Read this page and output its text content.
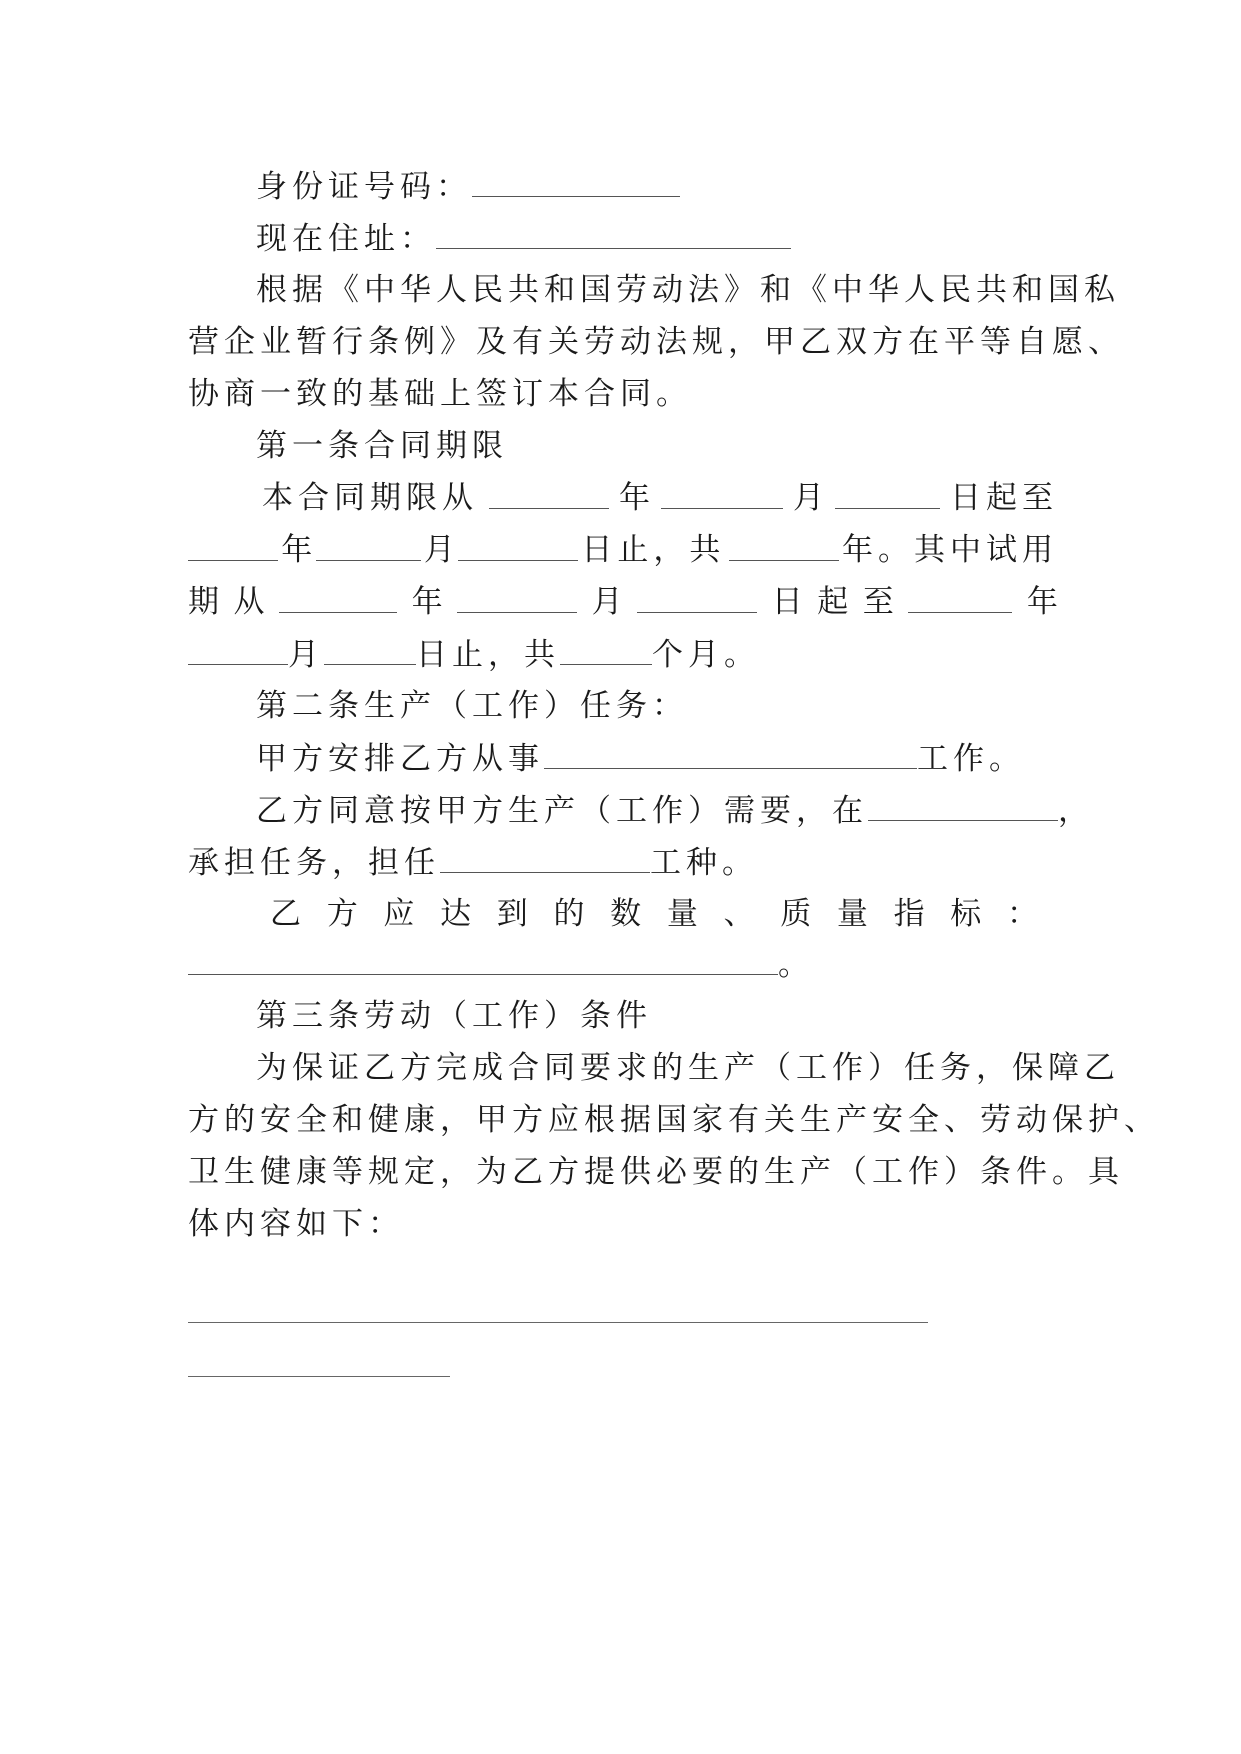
身份证号码：
现在住址：
根据《中华人民共和国劳动法》和《中华人民共和国私
营企业暂行条例》及有关劳动法规，甲乙双方在平等自愿、
协商一致的基础上签订本合同。
第一条合同期限
本合同期限从	年	月	日起至
年	月	日止，共	年。其中试用
期 从	年	月	日 起 至	年
月	日止，共	个月。
第二条生产（工作）任务：
甲方安排乙方从事	工作。
乙方同意按甲方生产（工作）需要，在	，
承担任务，担任	工种。
乙 方 应 达 到 的 数 量 、 质 量 指 标 ：
。
第三条劳动（工作）条件
为保证乙方完成合同要求的生产（工作）任务，保障乙
方的安全和健康，甲方应根据国家有关生产安全、劳动保护、
卫生健康等规定，为乙方提供必要的生产（工作）条件。具
体内容如下：
